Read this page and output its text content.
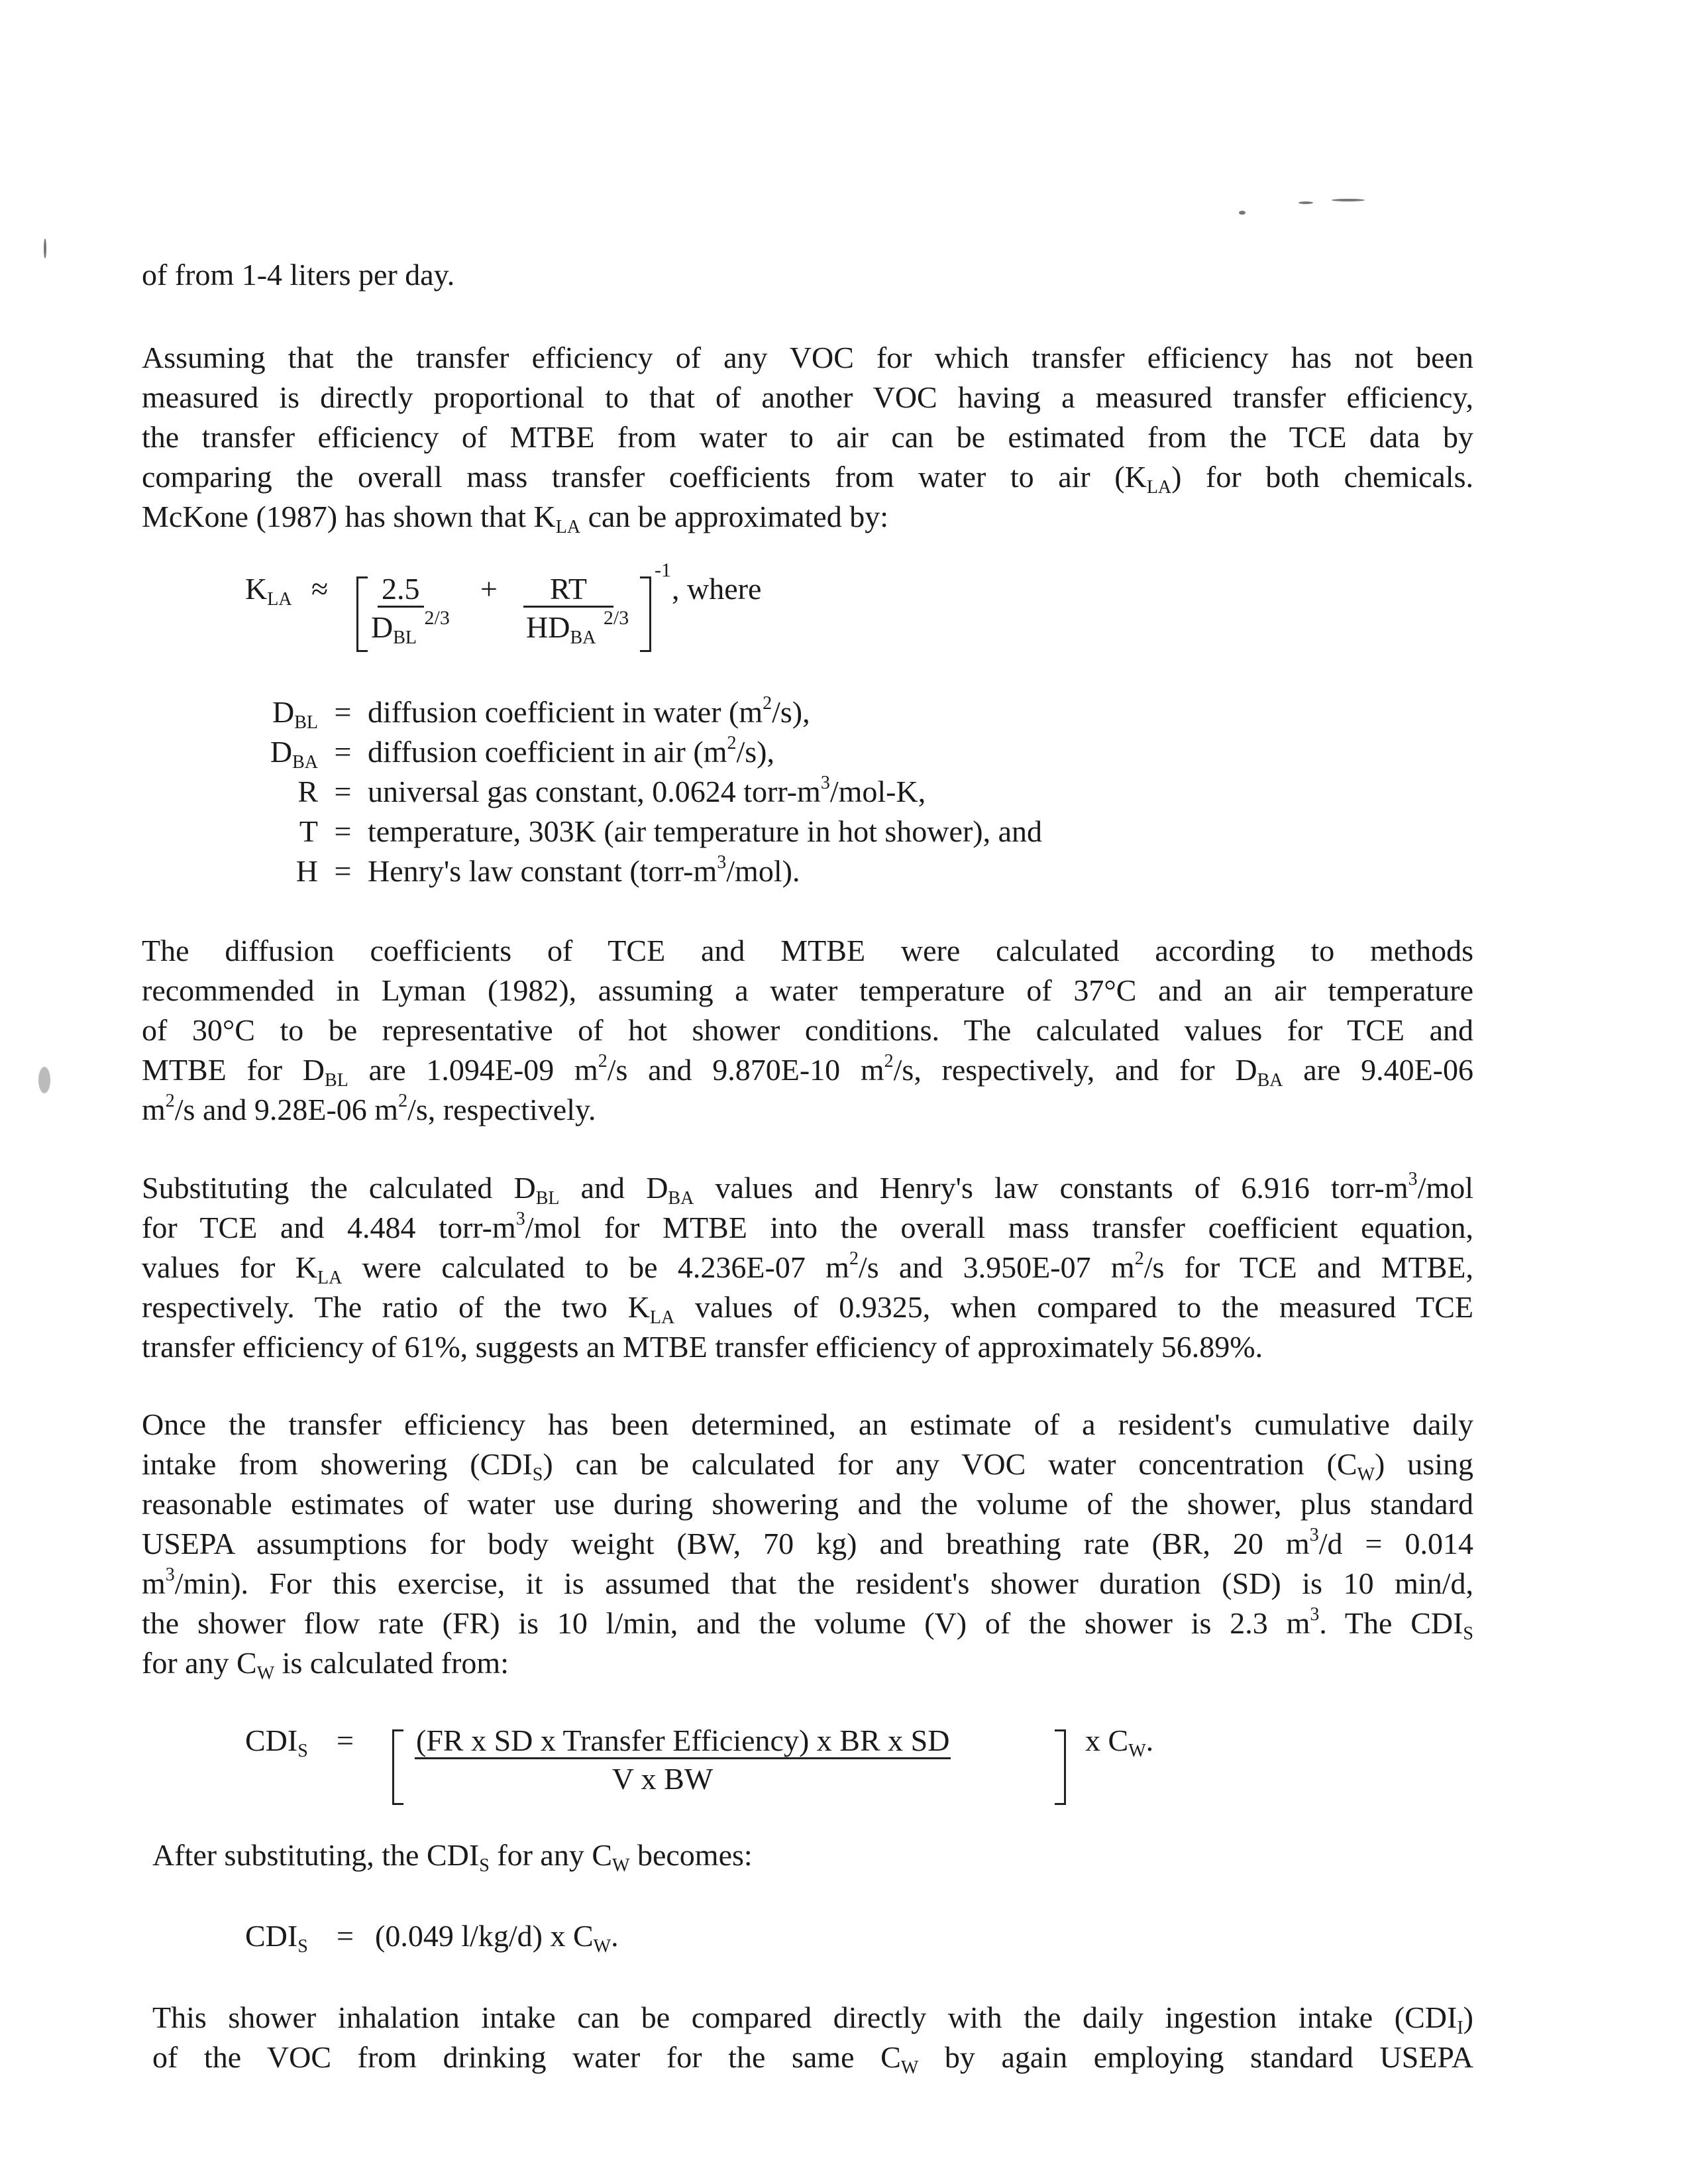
of from 1-4 liters per day.

Assuming that the transfer efficiency of any VOC for which transfer efficiency has not been
measured is directly proportional to that of another VOC having a measured transfer efficiency,
the transfer efficiency of MTBE from water to air can be estimated from the TCE data by
comparing the overall mass transfer coefficients from water to air $(K_{LA})$ for both chemicals.
McKone (1987) has shown that $K_{LA}$ can be approximated by:

$K_{LA} \approx 2.5$
$D_{BL}$ $^{2/3}$
+	RT
$HD_{BA}$ $^{2/3}$
-1
, where
$D_{BL}$ = diffusion coefficient in water $(m^2/s)$,
$D_{BA}$ = diffusion coefficient in air $(m^2/s)$,
R = universal gas constant, 0.0624 torr-$m^3/mol-K$,
T = temperature, 303K (air temperature in hot shower), and
H = Henry's law constant $(torr-m^3/mol)$.

The diffusion coefficients of TCE and MTBE were calculated according to methods
recommended in Lyman (1982), assuming a water temperature of 37°C and an air temperature
of 30°C to be representative of hot shower conditions. The calculated values for TCE and
MTBE for $D_{BL}$ are 1.094E-09 $m^2/s$ and 9.870E-10 $m^2/s$, respectively, and for $D_{BA}$ are 9.40E-06
$m^2/s$ and 9.28E-06 $m^2/s$, respectively.

Substituting the calculated $D_{BL}$ and $D_{BA}$ values and Henry's law constants of 6.916 torr-$m^3$/mol
for TCE and 4.484 torr-$m^3$/mol for MTBE into the overall mass transfer coefficient equation,
values for $K_{LA}$ were calculated to be 4.236E-07 $m^2/s$ and 3.950E-07 $m^2/s$ for TCE and MTBE,
respectively. The ratio of the two $K_{LA}$ values of 0.9325, when compared to the measured TCE
transfer efficiency of 61%, suggests an MTBE transfer efficiency of approximately 56.89%.

Once the transfer efficiency has been determined, an estimate of a resident's cumulative daily
intake from showering $(CDI_S)$ can be calculated for any VOC water concentration $(C_W)$ using
reasonable estimates of water use during showering and the volume of the shower, plus standard
USEPA assumptions for body weight (BW, 70 kg) and breathing rate (BR, 20 $m^3/d = 0.014$
$m^3/\min$). For this exercise, it is assumed that the resident's shower duration (SD) is 10 min/d,
the shower flow rate (FR) is 10 l/min, and the volume (V) of the shower is 2.3 $m^3$. The $CDI_S$
for any $C_W$ is calculated from:

$CDI_S = (FR$ x SD x Transfer Efficiency) x BR x SD
V x BW
x $C_W$.

After substituting, the $CDI_S$ for any $C_W$ becomes:

$CDI_S = (0.049$ l/kg/d) x $C_W$.

This shower inhalation intake can be compared directly with the daily ingestion intake $(CDI_I)$
of the VOC from drinking water for the same $C_W$ by again employing standard USEPA
